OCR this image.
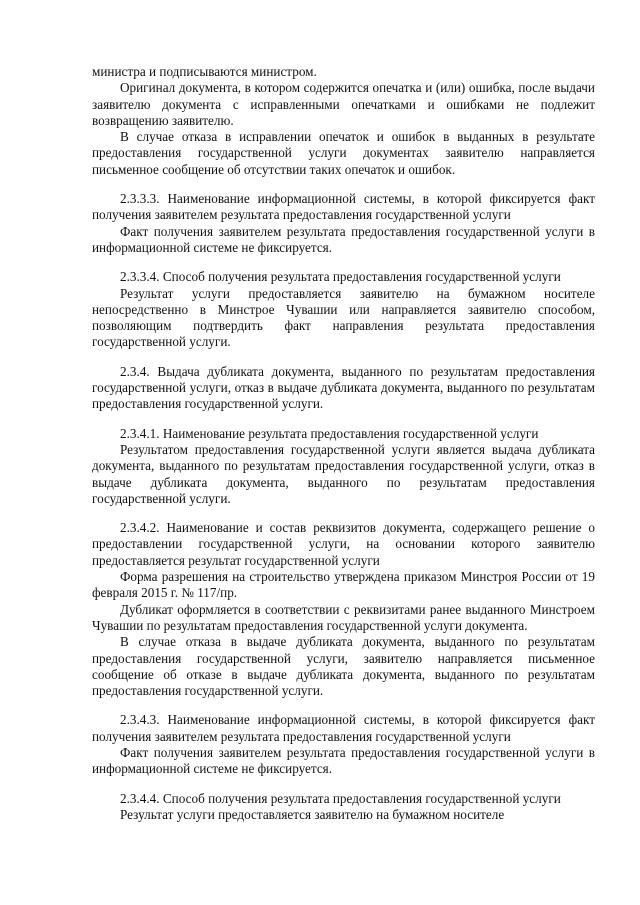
министра и подписываются министром.

Оригинал документа, в котором содержится опечатка и (или) ошибка, после выдачи заявителю документа с исправленными опечатками и ошибками не подлежит возвращению заявителю.

В случае отказа в исправлении опечаток и ошибок в выданных в результате предоставления государственной услуги документах заявителю направляется письменное сообщение об отсутствии таких опечаток и ошибок.

2.3.3.3. Наименование информационной системы, в которой фиксируется факт получения заявителем результата предоставления государственной услуги

Факт получения заявителем результата предоставления государственной услуги в информационной системе не фиксируется.

2.3.3.4. Способ получения результата предоставления государственной услуги

Результат услуги предоставляется заявителю на бумажном носителе непосредственно в Минстрое Чувашии или направляется заявителю способом, позволяющим подтвердить факт направления результата предоставления государственной услуги.

2.3.4. Выдача дубликата документа, выданного по результатам предоставления государственной услуги, отказ в выдаче дубликата документа, выданного по результатам предоставления государственной услуги.

2.3.4.1. Наименование результата предоставления государственной услуги

Результатом предоставления государственной услуги является выдача дубликата документа, выданного по результатам предоставления государственной услуги, отказ в выдаче дубликата документа, выданного по результатам предоставления государственной услуги.

2.3.4.2. Наименование и состав реквизитов документа, содержащего решение о предоставлении государственной услуги, на основании которого заявителю предоставляется результат государственной услуги

Форма разрешения на строительство утверждена приказом Минстроя России от 19 февраля 2015 г. № 117/пр.

Дубликат оформляется в соответствии с реквизитами ранее выданного Минстроем Чувашии по результатам предоставления государственной услуги документа.

В случае отказа в выдаче дубликата документа, выданного по результатам предоставления государственной услуги, заявителю направляется письменное сообщение об отказе в выдаче дубликата документа, выданного по результатам предоставления государственной услуги.

2.3.4.3. Наименование информационной системы, в которой фиксируется факт получения заявителем результата предоставления государственной услуги

Факт получения заявителем результата предоставления государственной услуги в информационной системе не фиксируется.

2.3.4.4. Способ получения результата предоставления государственной услуги

Результат услуги предоставляется заявителю на бумажном носителе
